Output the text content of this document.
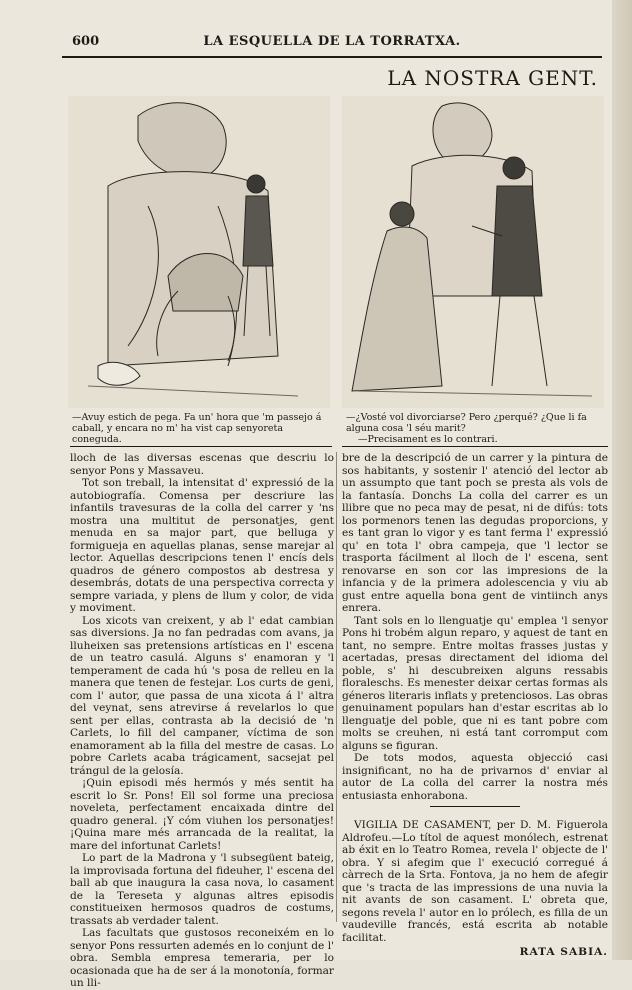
600	LA ESQUELLA DE LA TORRATXA.
LA NOSTRA GENT.
—Avuy estich de pega. Fa un' hora que 'm passejo á caball, y encara no m' ha vist cap senyoreta coneguda.
—¿Vosté vol divorciarse? Pero ¿perqué? ¿Que li fa alguna cosa 'l séu marit?
—Precisament es lo contrari.

lloch de las diversas escenas que descriu lo senyor Pons y Massaveu.

Tot son treball, la intensitat d' expressió de la autobiografía. Comensa per descriure las infantils travesuras de la colla del carrer y 'ns mostra una multitut de personatjes, gent menuda en sa major part, que belluga y formigueja en aquellas planas, sense marejar al lector. Aquellas descripcions tenen l' encís dels quadros de género compostos ab destresa y desembrás, dotats de una perspectiva correcta y sempre variada, y plens de llum y color, de vida y moviment.

Los xicots van creixent, y ab l' edat cambian sas diversions. Ja no fan pedradas com avans, ja lluheixen sas pretensions artísticas en l' escena de un teatro casulá. Alguns s' enamoran y 'l temperament de cada hú 's posa de relleu en la manera que tenen de festejar. Los curts de geni, com l' autor, que passa de una xicota á l' altra del veynat, sens atrevirse á revelarlos lo que sent per ellas, contrasta ab la decisió de 'n Carlets, lo fill del campaner, víctima de son enamorament ab la filla del mestre de casas. Lo pobre Carlets acaba trágicament, sacsejat pel trángul de la gelosía.

¡Quin episodi més hermós y més sentit ha escrit lo Sr. Pons! Ell sol forme una preciosa noveleta, perfectament encaixada dintre del quadro general. ¡Y cóm viuhen los personatjes! ¡Quina mare més arrancada de la realitat, la mare del infortunat Carlets!

Lo part de la Madrona y 'l subsegüent bateig, la improvisada fortuna del fideuher, l' escena del ball ab que inaugura la casa nova, lo casament de la Tereseta y algunas altres episodis constitueixen hermosos quadros de costums, trassats ab verdader talent.

Las facultats que gustosos reconeixém en lo senyor Pons ressurten ademés en lo conjunt de l' obra. Sembla empresa temeraria, per lo ocasionada que ha de ser á la monotonía, formar un lli-

bre de la descripció de un carrer y la pintura de sos habitants, y sostenir l' atenció del lector ab un assumpto que tant poch se presta als vols de la fantasía. Donchs La colla del carrer es un llibre que no peca may de pesat, ni de difús: tots los pormenors tenen las degudas proporcions, y es tant gran lo vigor y es tant ferma l' expressió qu' en tota l' obra campeja, que 'l lector se trasporta fácilment al lloch de l' escena, sent renovarse en son cor las impresions de la infancia y de la primera adolescencia y viu ab gust entre aquella bona gent de vintiinch anys enrera.

Tant sols en lo llenguatje qu' emplea 'l senyor Pons hi trobém algun reparo, y aquest de tant en tant, no sempre. Entre moltas frasses justas y acertadas, presas directament del idioma del poble, s' hi descubreixen alguns ressabis floraleschs. Es menester deixar certas formas als géneros literaris inflats y pretenciosos. Las obras genuinament populars han d'estar escritas ab lo llenguatje del poble, que ni es tant pobre com molts se creuhen, ni está tant corromput com alguns se figuran.

De tots modos, aquesta objecció casi insignificant, no ha de privarnos d' enviar al autor de La colla del carrer la nostra més entusiasta enhorabona.

VIGILIA DE CASAMENT, per D. M. Figuerola Aldrofeu.—Lo títol de aquest monólech, estrenat ab éxit en lo Teatro Romea, revela l' objecte de l' obra. Y si afegim que l' execució corregué á càrrech de la Srta. Fontova, ja no hem de afegir que 's tracta de las impressions de una nuvia la nit avants de son casament. L' obreta que, segons revela l' autor en lo prólech, es filla de un vaudeville francés, está escrita ab notable facilitat.

RATA SABIA.
